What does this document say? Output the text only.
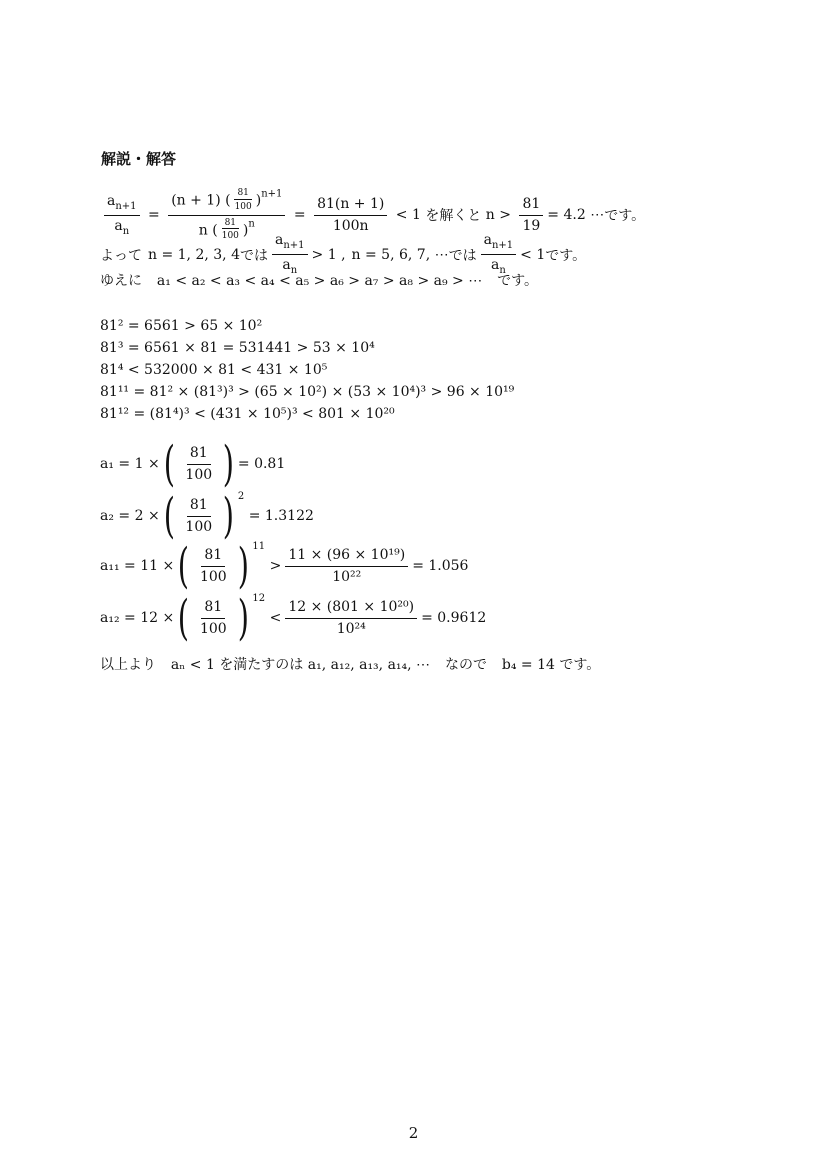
解説・解答
$\frac{a_{n+1}}{a_n} = \frac{(n + 1) ( \frac{81}{100} )^{n+1}}{n ( \frac{81}{100} )^n} = \frac{81(n + 1)}{100n} < 1$ を解くと $n > \frac{81}{19} = 4.2$ ⋯ です。
よって n = 1, 2, 3, 4 では $\frac{a_{n+1}}{a_n} > 1$ , n = 5, 6, 7, ⋯ では $\frac{a_{n+1}}{a_n} < 1$ です。
ゆえに a₁ < a₂ < a₃ < a₄ < a₅ > a₆ > a₇ > a₈ > a₉ > ⋯ です。
81² = 6561 > 65 × 10²
81³ = 6561 × 81 = 531441 > 53 × 10⁴
81⁴ < 532000 × 81 < 431 × 10⁵
81¹¹ = 81² × (81³)³ > (65 × 10²) × (53 × 10⁴)³ > 96 × 10¹⁹
81¹² = (81⁴)³ < (431 × 10⁵)³ < 801 × 10²⁰
a₁ = 1 × ( $\frac{81}{100}$ ) = 0.81
a₂ = 2 × ( $\frac{81}{100}$ ) 2

= 1.3122
a₁₁ = 11 × ( $\frac{81}{100}$ ) 11

> $\frac{\text{11 × (96 × 10¹⁹)}}{\text{10²²}} = 1.056$
a₁₂ = 12 × ( $\frac{81}{100}$ ) 12

< $\frac{\text{12 × (801 × 10²⁰)}}{\text{10²⁴}} = 0.9612$
以上より aₙ < 1 を満たすのは a₁, a₁₂, a₁₃, a₁₄, ⋯ なので b₄ = 14 です。
2
